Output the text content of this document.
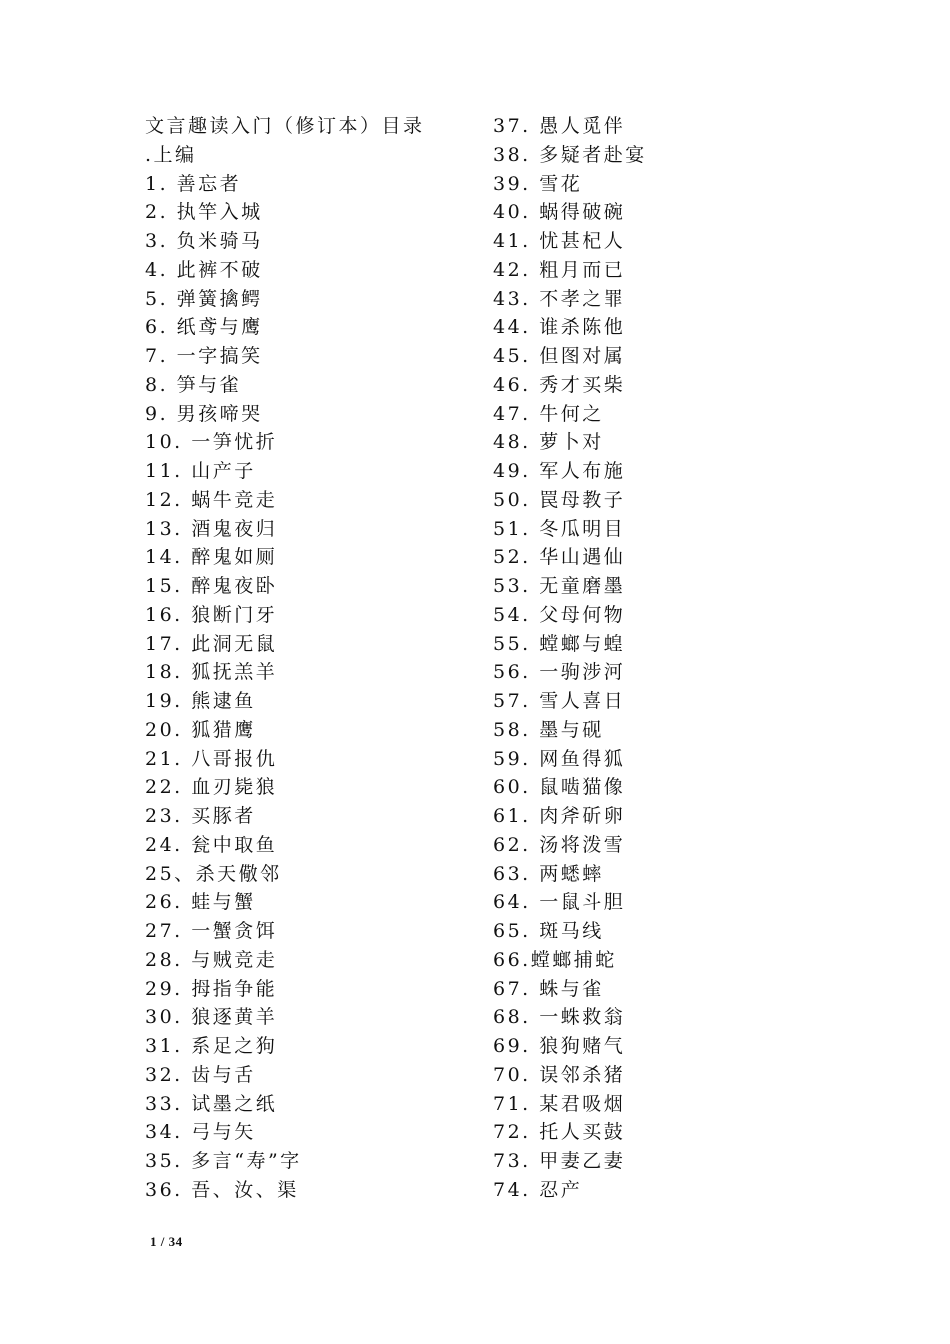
文言趣读入门（修订本）目录
.上编
1. 善忘者
2. 执竿入城
3. 负米骑马
4. 此裤不破
5. 弹簧擒鳄
6. 纸鸢与鹰
7. 一字搞笑
8. 笋与雀
9. 男孩啼哭
10. 一笋忧折
11. 山产子
12. 蜗牛竞走
13. 酒鬼夜归
14. 醉鬼如厕
15. 醉鬼夜卧
16. 狼断门牙
17. 此洞无鼠
18. 狐抚羔羊
19. 熊逮鱼
20. 狐猎鹰
21. 八哥报仇
22. 血刃毙狼
23. 买豚者
24. 瓮中取鱼
25、杀天儆邻
26. 蛙与蟹
27. 一蟹贪饵
28. 与贼竞走
29. 拇指争能
30. 狼逐黄羊
31. 系足之狗
32. 齿与舌
33. 试墨之纸
34. 弓与矢
35. 多言“寿”字
36. 吾、汝、渠
37. 愚人觅伴
38. 多疑者赴宴
39. 雪花
40. 蜗得破碗
41. 忧甚杞人
42. 粗月而已
43. 不孝之罪
44. 谁杀陈他
45. 但图对属
46. 秀才买柴
47. 牛何之
48. 萝卜对
49. 军人布施
50. 罠母教子
51. 冬瓜明目
52. 华山遇仙
53. 无童磨墨
54. 父母何物
55. 螳螂与蝗
56. 一驹涉河
57. 雪人喜日
58. 墨与砚
59. 网鱼得狐
60. 鼠啮猫像
61. 肉斧斫卵
62. 汤将泼雪
63. 两蟋蟀
64. 一鼠斗胆
65. 斑马线
66.螳螂捕蛇
67. 蛛与雀
68. 一蛛救翁
69. 狼狗赌气
70. 误邻杀猪
71. 某君吸烟
72. 托人买鼓
73. 甲妻乙妻
74. 忍产
1 / 34
